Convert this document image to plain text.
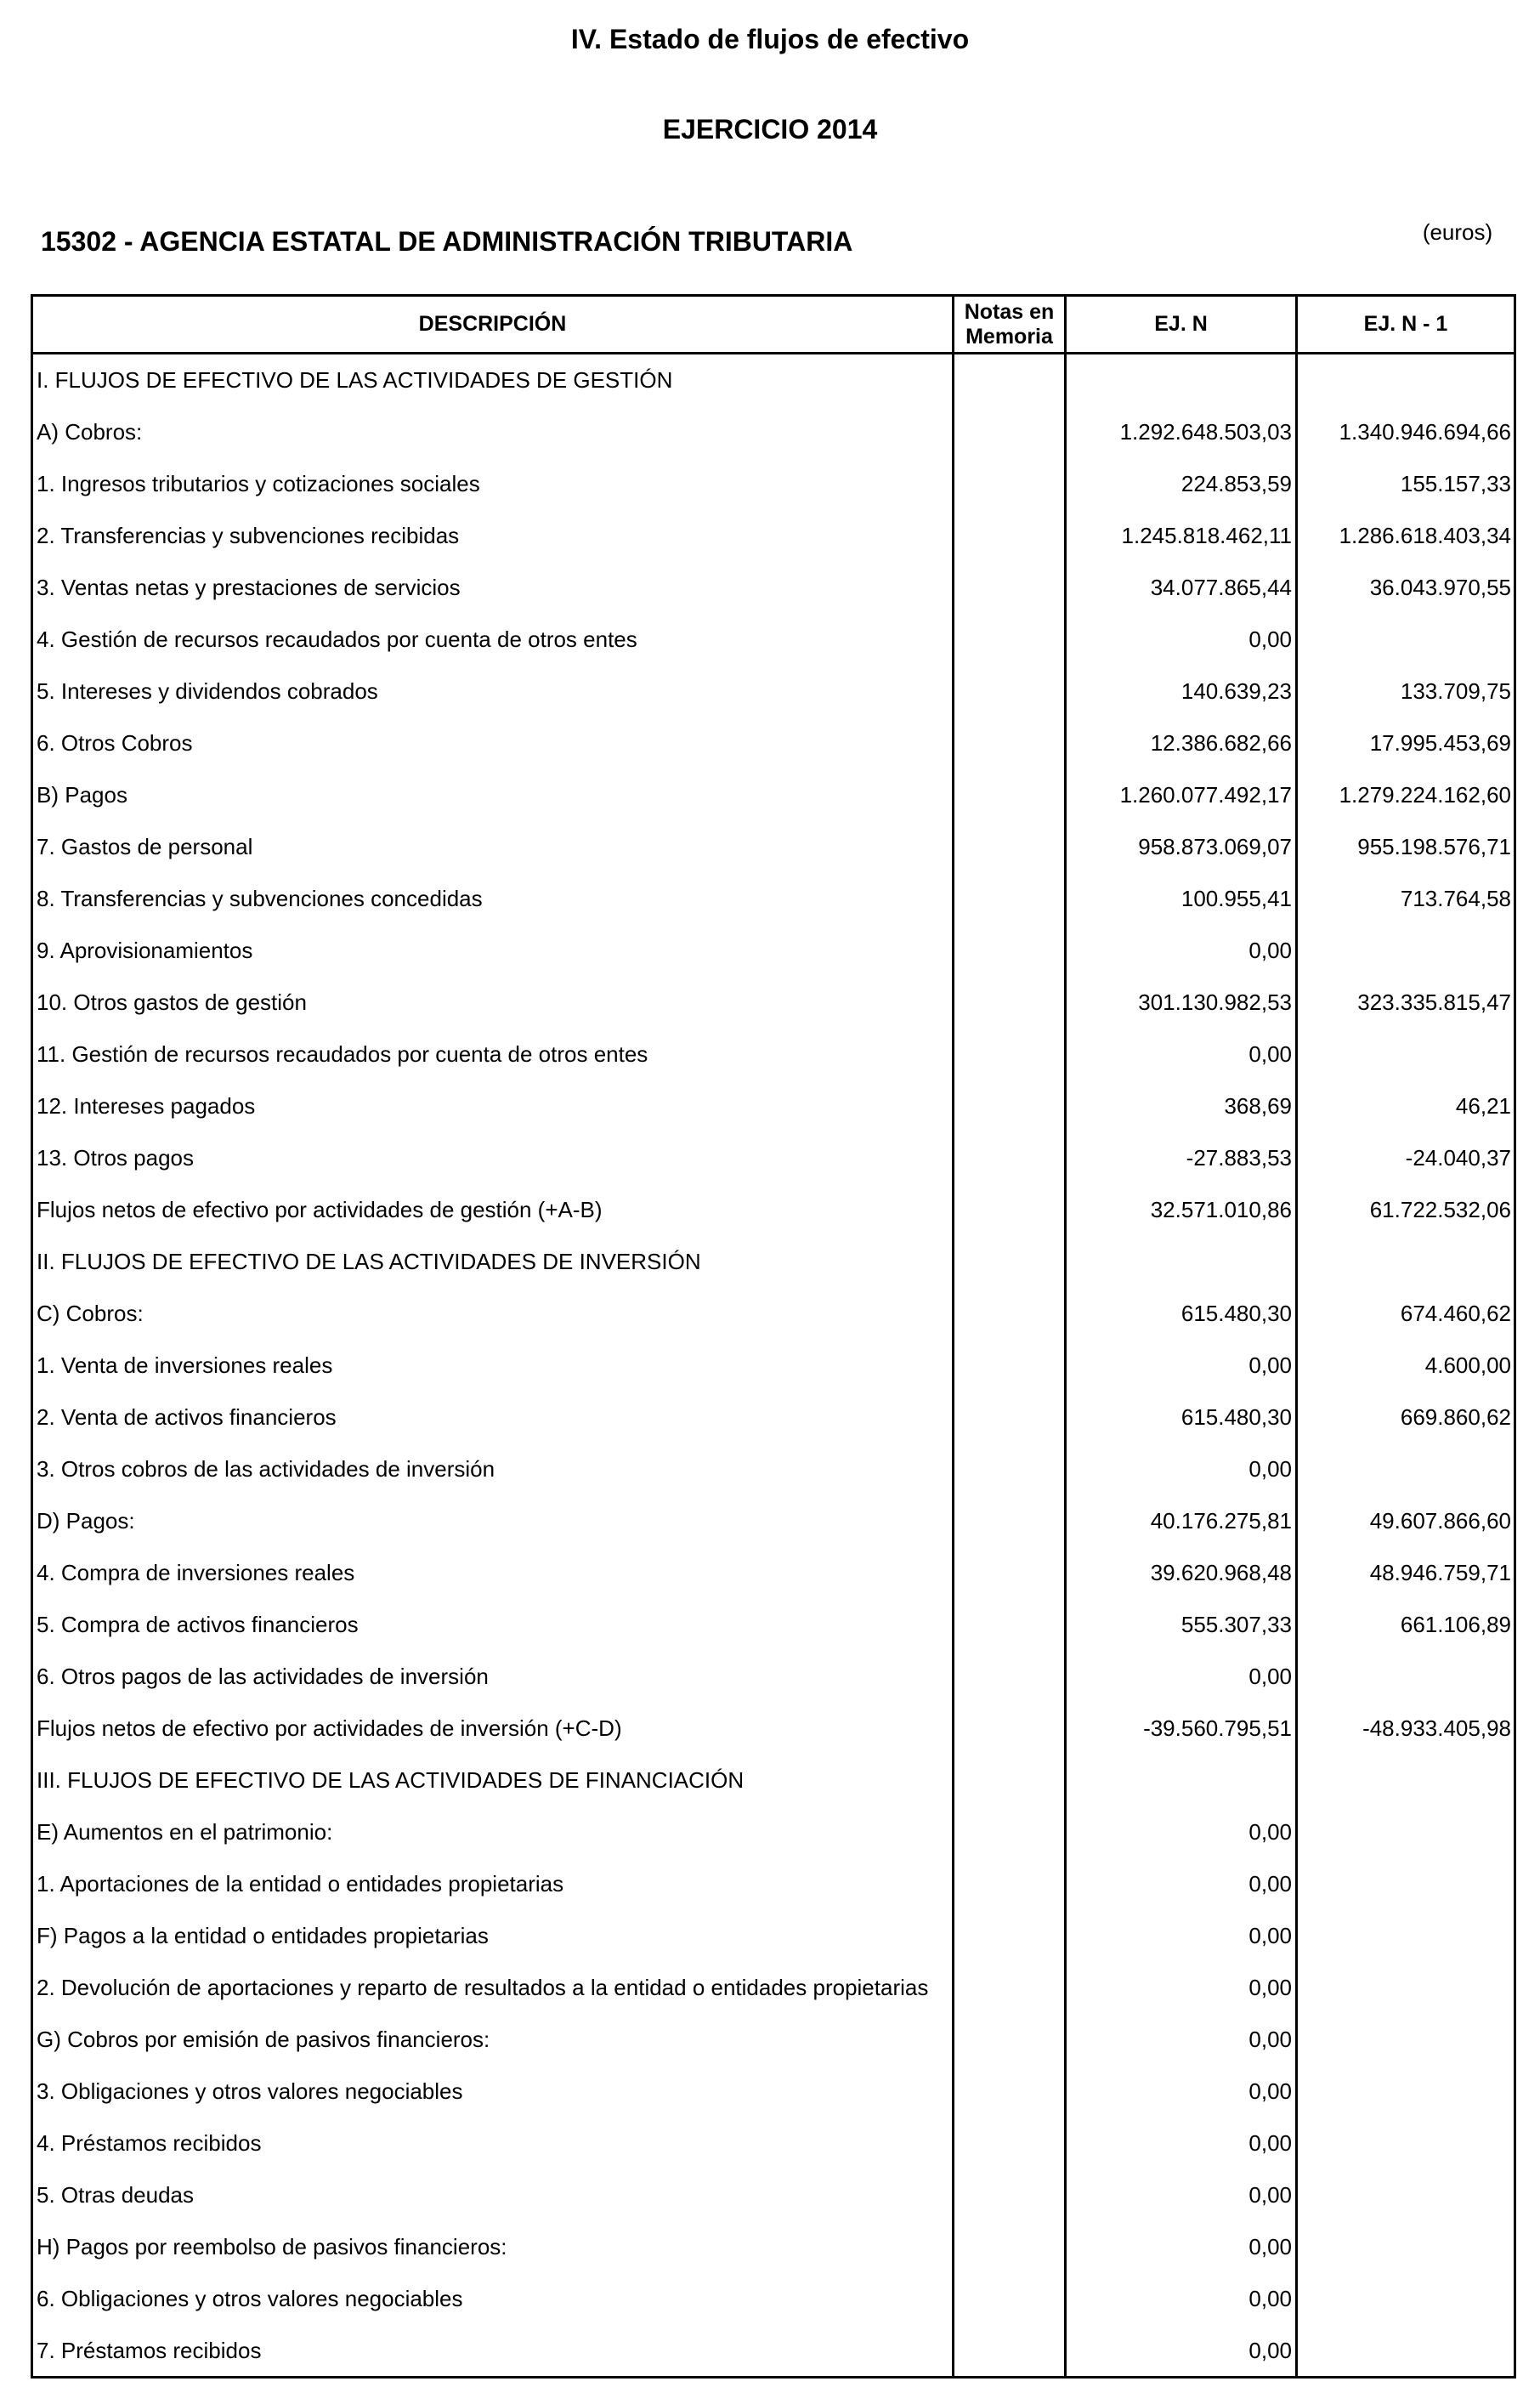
IV. Estado de flujos de efectivo
EJERCICIO 2014
15302 - AGENCIA ESTATAL DE ADMINISTRACIÓN TRIBUTARIA	(euros)
DESCRIPCIÓN
Notas en
Memoria
EJ. N	EJ. N - 1
I. FLUJOS DE EFECTIVO DE LAS ACTIVIDADES DE GESTIÓN
A) Cobros:	1.292.648.503,03 1.340.946.694,66
1. Ingresos tributarios y cotizaciones sociales	224.853,59	155.157,33
2. Transferencias y subvenciones recibidas	1.245.818.462,11 1.286.618.403,34
3. Ventas netas y prestaciones de servicios	34.077.865,44	36.043.970,55
4. Gestión de recursos recaudados por cuenta de otros entes	0,00
5. Intereses y dividendos cobrados	140.639,23	133.709,75
6. Otros Cobros	12.386.682,66	17.995.453,69
B) Pagos	1.260.077.492,17 1.279.224.162,60
7. Gastos de personal	958.873.069,07	955.198.576,71
8. Transferencias y subvenciones concedidas	100.955,41	713.764,58
9. Aprovisionamientos	0,00
10. Otros gastos de gestión	301.130.982,53	323.335.815,47
11. Gestión de recursos recaudados por cuenta de otros entes	0,00
12. Intereses pagados	368,69	46,21
13. Otros pagos	-27.883,53	-24.040,37
Flujos netos de efectivo por actividades de gestión (+A-B)	32.571.010,86	61.722.532,06
II. FLUJOS DE EFECTIVO DE LAS ACTIVIDADES DE INVERSIÓN
C) Cobros:	615.480,30	674.460,62
1. Venta de inversiones reales	0,00	4.600,00
2. Venta de activos financieros	615.480,30	669.860,62
3. Otros cobros de las actividades de inversión	0,00
D) Pagos:	40.176.275,81	49.607.866,60
4. Compra de inversiones reales	39.620.968,48	48.946.759,71
5. Compra de activos financieros	555.307,33	661.106,89
6. Otros pagos de las actividades de inversión	0,00
Flujos netos de efectivo por actividades de inversión (+C-D)	-39.560.795,51	-48.933.405,98
III. FLUJOS DE EFECTIVO DE LAS ACTIVIDADES DE FINANCIACIÓN
E) Aumentos en el patrimonio:	0,00
1. Aportaciones de la entidad o entidades propietarias	0,00
F) Pagos a la entidad o entidades propietarias	0,00
2. Devolución de aportaciones y reparto de resultados a la entidad o entidades propietarias	0,00
G) Cobros por emisión de pasivos financieros:	0,00
3. Obligaciones y otros valores negociables	0,00
4. Préstamos recibidos	0,00
5. Otras deudas	0,00
H) Pagos por reembolso de pasivos financieros:	0,00
6. Obligaciones y otros valores negociables	0,00
7. Préstamos recibidos	0,00
